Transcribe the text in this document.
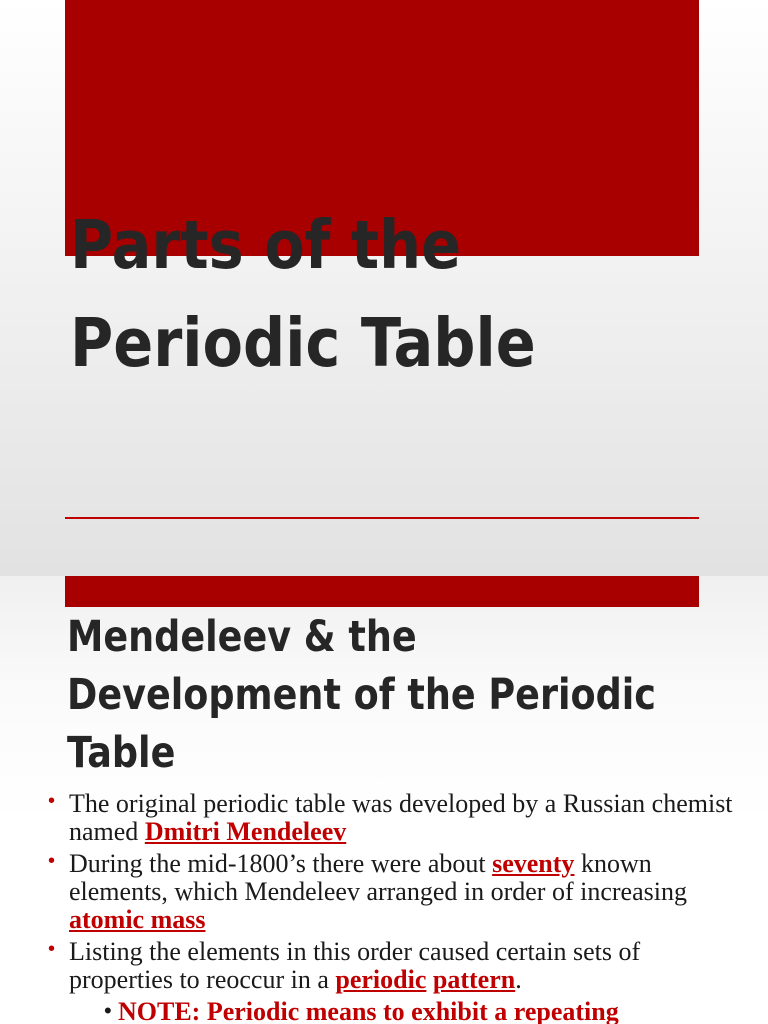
Parts of the Periodic Table
Mendeleev & the Development of the Periodic Table
• The original periodic table was developed by a Russian chemist named Dmitri Mendeleev
• During the mid-1800’s there were about seventy known elements, which Mendeleev arranged in order of increasing atomic mass
• Listing the elements in this order caused certain sets of properties to reoccur in a periodic pattern.
• NOTE: Periodic means to exhibit a repeating
